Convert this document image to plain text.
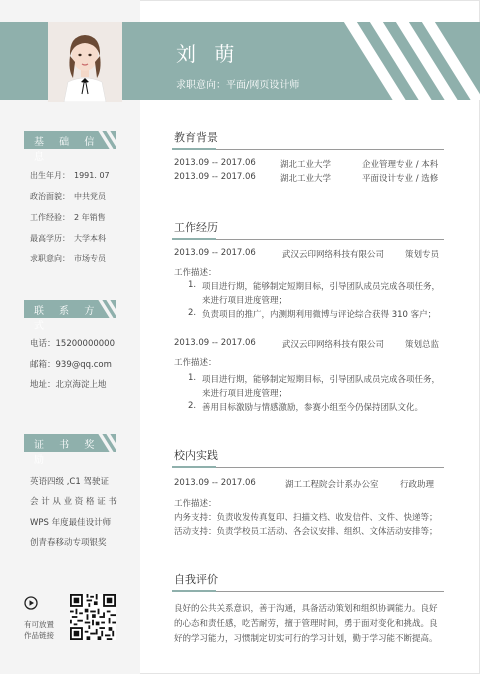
刘 萌
求职意向：平面/网页设计师
基 础 信 息
出生年月： 1991. 07
政治面貌： 中共党员
工作经验： 2 年销售
最高学历： 大学本科
求职意向： 市场专员
联 系 方 式
电话：15200000000
邮箱：939@qq.com
地址：北京海淀上地
证 书 奖 励
英语四级 ,C1 驾驶证
会 计 从 业 资 格 证 书
WPS 年度最佳设计师
创青春移动专项银奖
有可放置
作品链接
教育背景
2013.09 -- 2017.06	湖北工业大学	企业管理专业 / 本科
2013.09 -- 2017.06	湖北工业大学	平面设计专业 / 选修
工作经历
2013.09 -- 2017.06	武汉云印网络科技有限公司 策划专员
工作描述：
1. 项目进行期，能够制定短期目标，引导团队成员完成各项任务，
来进行项目进度管理；
2. 负责项目的推广，内测期利用微博与评论综合获得 310 客户；
2013.09 -- 2017.06	武汉云印网络科技有限公司 策划总监
工作描述：
1. 项目进行期，能够制定短期目标，引导团队成员完成各项任务，
来进行项目进度管理；
2. 善用目标激励与情感激励，参赛小组至今仍保持团队文化。
校内实践
2013.09 -- 2017.06	湖工工程院会计系办公室	行政助理
工作描述：
内务支持：负责收发传真复印、扫描文档、收发信件、文件、快递等；
活动支持：负责学校员工活动、各会议安排、组织、文体活动安排等；
自我评价
良好的公共关系意识，善于沟通，具备活动策划和组织协调能力。良好
的心态和责任感，吃苦耐劳，擅于管理时间，勇于面对变化和挑战。良
好的学习能力，习惯制定切实可行的学习计划，勤于学习能不断提高。
